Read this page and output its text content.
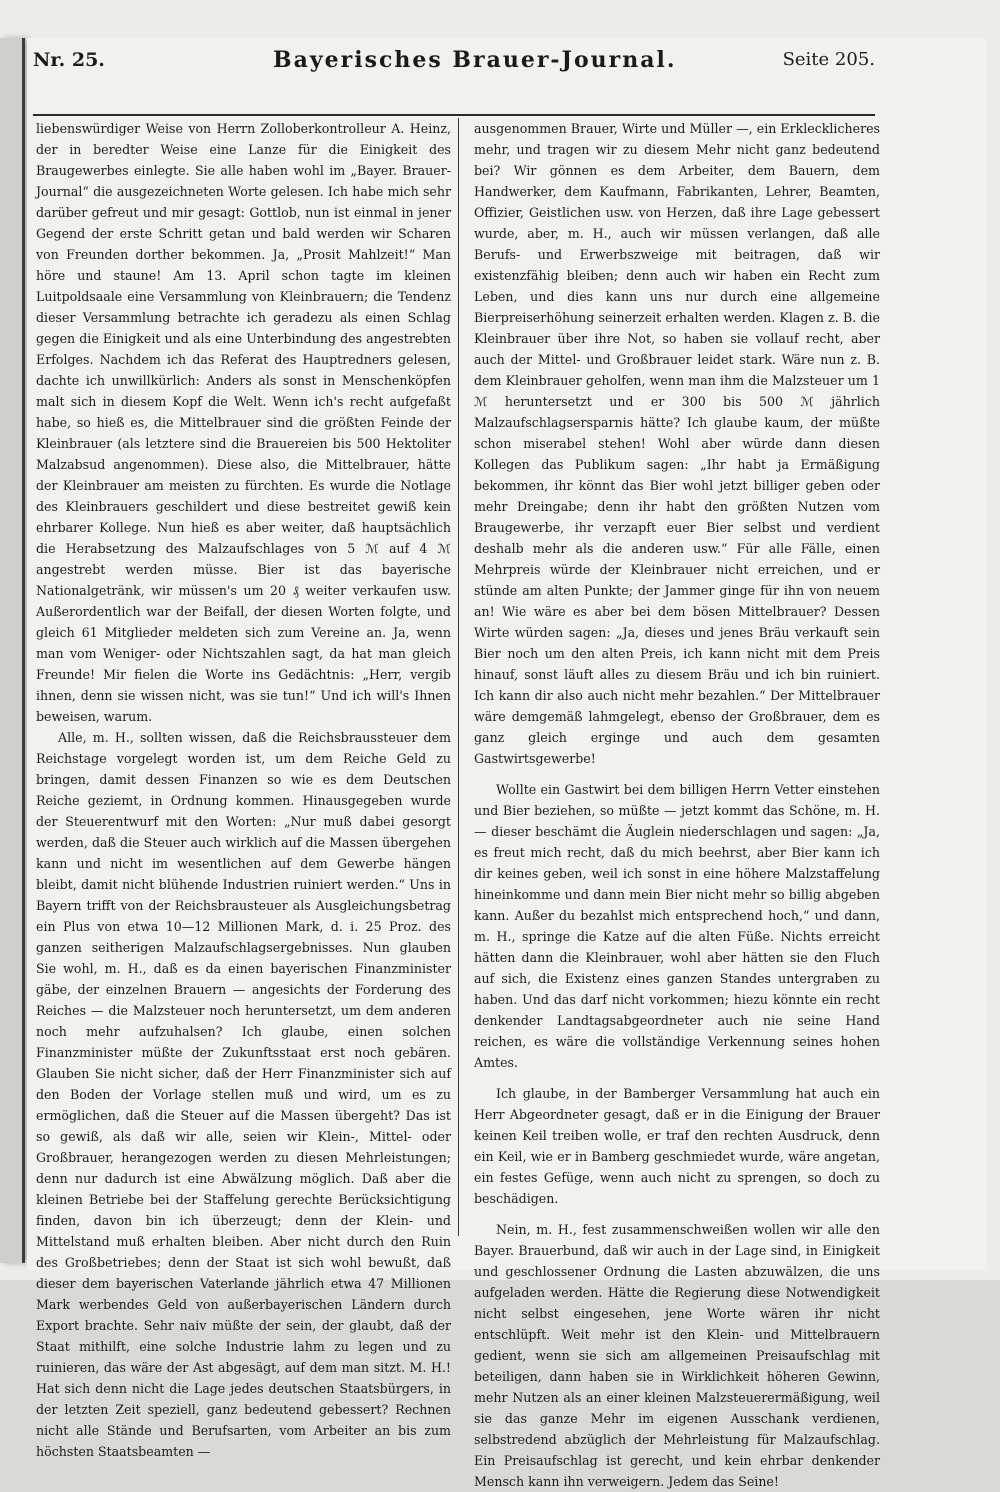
Nr. 25.	Bayerisches Brauer-Journal.	Seite 205.

liebenswürdiger Weise von Herrn Zolloberkontrolleur A. Heinz, der in beredter Weise eine Lanze für die Einigkeit des Braugewerbes einlegte. Sie alle haben wohl im „Bayer. Brauer-Journal“ die ausgezeichneten Worte gelesen. Ich habe mich sehr darüber gefreut und mir gesagt: Gottlob, nun ist einmal in jener Gegend der erste Schritt getan und bald werden wir Scharen von Freunden dorther bekommen. Ja, „Prosit Mahlzeit!“ Man höre und staune! Am 13. April schon tagte im kleinen Luitpoldsaale eine Versammlung von Kleinbrauern; die Tendenz dieser Versammlung betrachte ich geradezu als einen Schlag gegen die Einigkeit und als eine Unterbindung des angestrebten Erfolges. Nachdem ich das Referat des Hauptredners gelesen, dachte ich unwillkürlich: Anders als sonst in Menschenköpfen malt sich in diesem Kopf die Welt. Wenn ich's recht aufgefaßt habe, so hieß es, die Mittelbrauer sind die größten Feinde der Kleinbrauer (als letztere sind die Brauereien bis 500 Hektoliter Malzabsud angenommen). Diese also, die Mittelbrauer, hätte der Kleinbrauer am meisten zu fürchten. Es wurde die Notlage des Kleinbrauers geschildert und diese bestreitet gewiß kein ehrbarer Kollege. Nun hieß es aber weiter, daß hauptsächlich die Herabsetzung des Malzaufschlages von 5 ℳ auf 4 ℳ angestrebt werden müsse. Bier ist das bayerische Nationalgetränk, wir müssen's um 20 ₰ weiter verkaufen usw. Außerordentlich war der Beifall, der diesen Worten folgte, und gleich 61 Mitglieder meldeten sich zum Vereine an. Ja, wenn man vom Weniger- oder Nichtszahlen sagt, da hat man gleich Freunde! Mir fielen die Worte ins Gedächtnis: „Herr, vergib ihnen, denn sie wissen nicht, was sie tun!“ Und ich will's Ihnen beweisen, warum.

Alle, m. H., sollten wissen, daß die Reichsbraussteuer dem Reichstage vorgelegt worden ist, um dem Reiche Geld zu bringen, damit dessen Finanzen so wie es dem Deutschen Reiche geziemt, in Ordnung kommen. Hinausgegeben wurde der Steuerentwurf mit den Worten: „Nur muß dabei gesorgt werden, daß die Steuer auch wirklich auf die Massen übergehen kann und nicht im wesentlichen auf dem Gewerbe hängen bleibt, damit nicht blühende Industrien ruiniert werden.“ Uns in Bayern trifft von der Reichsbrausteuer als Ausgleichungsbetrag ein Plus von etwa 10—12 Millionen Mark, d. i. 25 Proz. des ganzen seitherigen Malzaufschlagsergebnisses. Nun glauben Sie wohl, m. H., daß es da einen bayerischen Finanzminister gäbe, der einzelnen Brauern — angesichts der Forderung des Reiches — die Malzsteuer noch heruntersetzt, um dem anderen noch mehr aufzuhalsen? Ich glaube, einen solchen Finanzminister müßte der Zukunftsstaat erst noch gebären. Glauben Sie nicht sicher, daß der Herr Finanzminister sich auf den Boden der Vorlage stellen muß und wird, um es zu ermöglichen, daß die Steuer auf die Massen übergeht? Das ist so gewiß, als daß wir alle, seien wir Klein-, Mittel- oder Großbrauer, herangezogen werden zu diesen Mehrleistungen; denn nur dadurch ist eine Abwälzung möglich. Daß aber die kleinen Betriebe bei der Staffelung gerechte Berücksichtigung finden, davon bin ich überzeugt; denn der Klein- und Mittelstand muß erhalten bleiben. Aber nicht durch den Ruin des Großbetriebes; denn der Staat ist sich wohl bewußt, daß dieser dem bayerischen Vaterlande jährlich etwa 47 Millionen Mark werbendes Geld von außerbayerischen Ländern durch Export brachte. Sehr naiv müßte der sein, der glaubt, daß der Staat mithilft, eine solche Industrie lahm zu legen und zu ruinieren, das wäre der Ast abgesägt, auf dem man sitzt. M. H.! Hat sich denn nicht die Lage jedes deutschen Staatsbürgers, in der letzten Zeit speziell, ganz bedeutend gebessert? Rechnen nicht alle Stände und Berufsarten, vom Arbeiter an bis zum höchsten Staatsbeamten —

ausgenommen Brauer, Wirte und Müller —, ein Erklecklicheres mehr, und tragen wir zu diesem Mehr nicht ganz bedeutend bei? Wir gönnen es dem Arbeiter, dem Bauern, dem Handwerker, dem Kaufmann, Fabrikanten, Lehrer, Beamten, Offizier, Geistlichen usw. von Herzen, daß ihre Lage gebessert wurde, aber, m. H., auch wir müssen verlangen, daß alle Berufs- und Erwerbszweige mit beitragen, daß wir existenzfähig bleiben; denn auch wir haben ein Recht zum Leben, und dies kann uns nur durch eine allgemeine Bierpreiserhöhung seinerzeit erhalten werden. Klagen z. B. die Kleinbrauer über ihre Not, so haben sie vollauf recht, aber auch der Mittel- und Großbrauer leidet stark. Wäre nun z. B. dem Kleinbrauer geholfen, wenn man ihm die Malzsteuer um 1 ℳ heruntersetzt und er 300 bis 500 ℳ jährlich Malzaufschlagsersparnis hätte? Ich glaube kaum, der müßte schon miserabel stehen! Wohl aber würde dann diesen Kollegen das Publikum sagen: „Ihr habt ja Ermäßigung bekommen, ihr könnt das Bier wohl jetzt billiger geben oder mehr Dreingabe; denn ihr habt den größten Nutzen vom Braugewerbe, ihr verzapft euer Bier selbst und verdient deshalb mehr als die anderen usw.“ Für alle Fälle, einen Mehrpreis würde der Kleinbrauer nicht erreichen, und er stünde am alten Punkte; der Jammer ginge für ihn von neuem an! Wie wäre es aber bei dem bösen Mittelbrauer? Dessen Wirte würden sagen: „Ja, dieses und jenes Bräu verkauft sein Bier noch um den alten Preis, ich kann nicht mit dem Preis hinauf, sonst läuft alles zu diesem Bräu und ich bin ruiniert. Ich kann dir also auch nicht mehr bezahlen.“ Der Mittelbrauer wäre demgemäß lahmgelegt, ebenso der Großbrauer, dem es ganz gleich erginge und auch dem gesamten Gastwirtsgewerbe!

Wollte ein Gastwirt bei dem billigen Herrn Vetter einstehen und Bier beziehen, so müßte — jetzt kommt das Schöne, m. H. — dieser beschämt die Äuglein niederschlagen und sagen: „Ja, es freut mich recht, daß du mich beehrst, aber Bier kann ich dir keines geben, weil ich sonst in eine höhere Malzstaffelung hineinkomme und dann mein Bier nicht mehr so billig abgeben kann. Außer du bezahlst mich entsprechend hoch,“ und dann, m. H., springe die Katze auf die alten Füße. Nichts erreicht hätten dann die Kleinbrauer, wohl aber hätten sie den Fluch auf sich, die Existenz eines ganzen Standes untergraben zu haben. Und das darf nicht vorkommen; hiezu könnte ein recht denkender Landtagsabgeordneter auch nie seine Hand reichen, es wäre die vollständige Verkennung seines hohen Amtes.

Ich glaube, in der Bamberger Versammlung hat auch ein Herr Abgeordneter gesagt, daß er in die Einigung der Brauer keinen Keil treiben wolle, er traf den rechten Ausdruck, denn ein Keil, wie er in Bamberg geschmiedet wurde, wäre angetan, ein festes Gefüge, wenn auch nicht zu sprengen, so doch zu beschädigen.

Nein, m. H., fest zusammenschweißen wollen wir alle den Bayer. Brauerbund, daß wir auch in der Lage sind, in Einigkeit und geschlossener Ordnung die Lasten abzuwälzen, die uns aufgeladen werden. Hätte die Regierung diese Notwendigkeit nicht selbst eingesehen, jene Worte wären ihr nicht entschlüpft. Weit mehr ist den Klein- und Mittelbrauern gedient, wenn sie sich am allgemeinen Preisaufschlag mit beteiligen, dann haben sie in Wirklichkeit höheren Gewinn, mehr Nutzen als an einer kleinen Malzsteuerermäßigung, weil sie das ganze Mehr im eigenen Ausschank verdienen, selbstredend abzüglich der Mehrleistung für Malzaufschlag. Ein Preisaufschlag ist gerecht, und kein ehrbar denkender Mensch kann ihn verweigern. Jedem das Seine!
